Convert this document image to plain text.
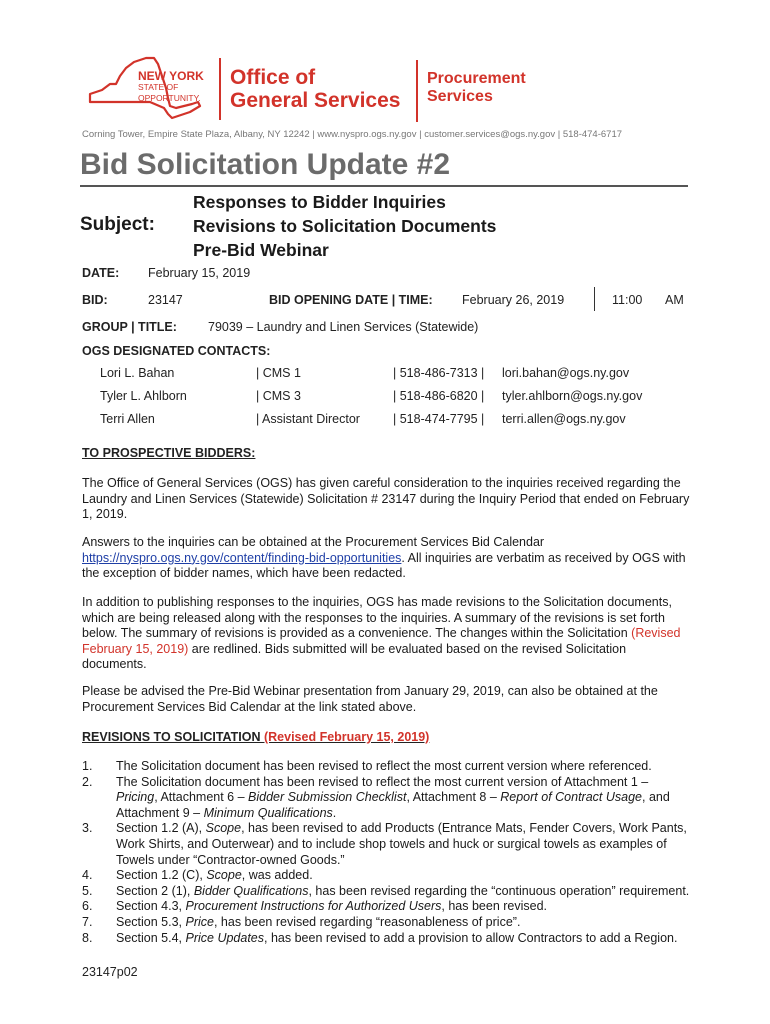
NEW YORK
STATE OF
OPPORTUNITY.
Office of
General Services
Procurement
Services
Corning Tower, Empire State Plaza, Albany, NY 12242 | www.nyspro.ogs.ny.gov | customer.services@ogs.ny.gov | 518-474-6717
Bid Solicitation Update #2
Subject:
Responses to Bidder Inquiries
Revisions to Solicitation Documents
Pre-Bid Webinar
DATE: February 15, 2019
BID:	23147	BID OPENING DATE | TIME: February 26, 2019	11:00 AM
GROUP | TITLE: 79039 – Laundry and Linen Services (Statewide)
OGS DESIGNATED CONTACTS:
Lori L. Bahan	| CMS 1	| 518-486-7313 | lori.bahan@ogs.ny.gov
Tyler L. Ahlborn	| CMS 3	| 518-486-6820 | tyler.ahlborn@ogs.ny.gov
Terri Allen	| Assistant Director	| 518-474-7795 | terri.allen@ogs.ny.gov
TO PROSPECTIVE BIDDERS:
The Office of General Services (OGS) has given careful consideration to the inquiries received regarding the Laundry and Linen Services (Statewide) Solicitation # 23147 during the Inquiry Period that ended on February 1, 2019.
Answers to the inquiries can be obtained at the Procurement Services Bid Calendar
https://nyspro.ogs.ny.gov/content/finding-bid-opportunities. All inquiries are verbatim as received by OGS with the exception of bidder names, which have been redacted.
In addition to publishing responses to the inquiries, OGS has made revisions to the Solicitation documents, which are being released along with the responses to the inquiries. A summary of the revisions is set forth below. The summary of revisions is provided as a convenience. The changes within the Solicitation (Revised February 15, 2019) are redlined. Bids submitted will be evaluated based on the revised Solicitation documents.
Please be advised the Pre-Bid Webinar presentation from January 29, 2019, can also be obtained at the Procurement Services Bid Calendar at the link stated above.
REVISIONS TO SOLICITATION (Revised February 15, 2019)
1. The Solicitation document has been revised to reflect the most current version where referenced.
2. The Solicitation document has been revised to reflect the most current version of Attachment 1 – Pricing, Attachment 6 – Bidder Submission Checklist, Attachment 8 – Report of Contract Usage, and Attachment 9 – Minimum Qualifications.
3. Section 1.2 (A), Scope, has been revised to add Products (Entrance Mats, Fender Covers, Work Pants, Work Shirts, and Outerwear) and to include shop towels and huck or surgical towels as examples of Towels under “Contractor-owned Goods.”
4. Section 1.2 (C), Scope, was added.
5. Section 2 (1), Bidder Qualifications, has been revised regarding the “continuous operation” requirement.
6. Section 4.3, Procurement Instructions for Authorized Users, has been revised.
7. Section 5.3, Price, has been revised regarding “reasonableness of price”.
8. Section 5.4, Price Updates, has been revised to add a provision to allow Contractors to add a Region.
23147p02
